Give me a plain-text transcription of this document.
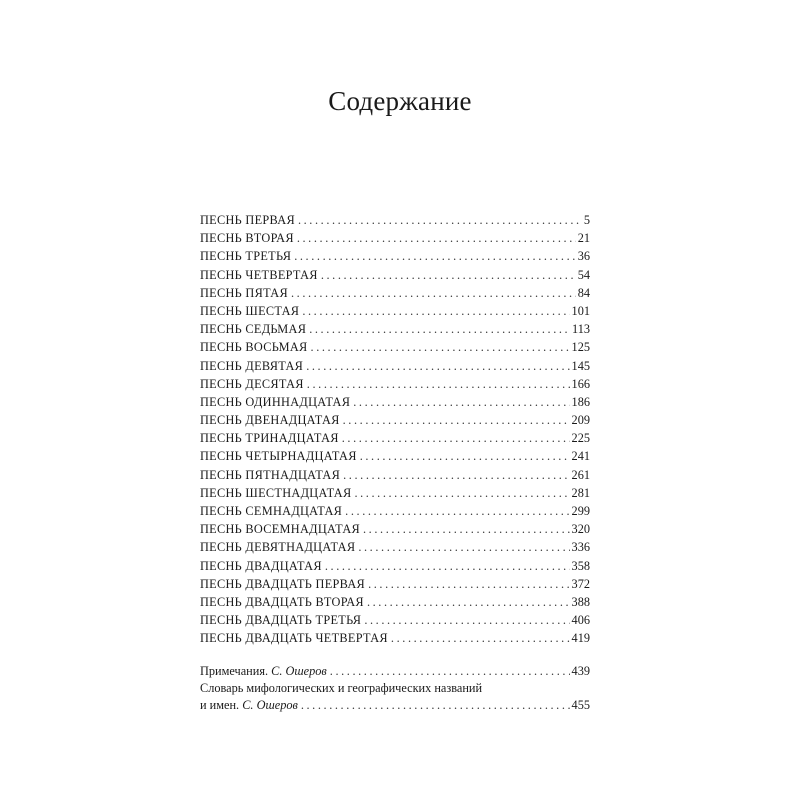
Содержание
ПЕСНЬ ПЕРВАЯ .....	5
ПЕСНЬ ВТОРАЯ .....	21
ПЕСНЬ ТРЕТЬЯ .....	36
ПЕСНЬ ЧЕТВЕРТАЯ .....	54
ПЕСНЬ ПЯТАЯ .....	84
ПЕСНЬ ШЕСТАЯ .....	101
ПЕСНЬ СЕДЬМАЯ .....	113
ПЕСНЬ ВОСЬМАЯ .....	125
ПЕСНЬ ДЕВЯТАЯ .....	145
ПЕСНЬ ДЕСЯТАЯ .....	166
ПЕСНЬ ОДИННАДЦАТАЯ .....	186
ПЕСНЬ ДВЕНАДЦАТАЯ .....	209
ПЕСНЬ ТРИНАДЦАТАЯ .....	225
ПЕСНЬ ЧЕТЫРНАДЦАТАЯ .....	241
ПЕСНЬ ПЯТНАДЦАТАЯ .....	261
ПЕСНЬ ШЕСТНАДЦАТАЯ .....	281
ПЕСНЬ СЕМНАДЦАТАЯ .....	299
ПЕСНЬ ВОСЕМНАДЦАТАЯ .....	320
ПЕСНЬ ДЕВЯТНАДЦАТАЯ .....	336
ПЕСНЬ ДВАДЦАТАЯ .....	358
ПЕСНЬ ДВАДЦАТЬ ПЕРВАЯ .....	372
ПЕСНЬ ДВАДЦАТЬ ВТОРАЯ .....	388
ПЕСНЬ ДВАДЦАТЬ ТРЕТЬЯ .....	406
ПЕСНЬ ДВАДЦАТЬ ЧЕТВЕРТАЯ .....	419
Примечания. С. Ошеров .....	439
Словарь мифологических и географических названий
и имен. С. Ошеров .....	455
